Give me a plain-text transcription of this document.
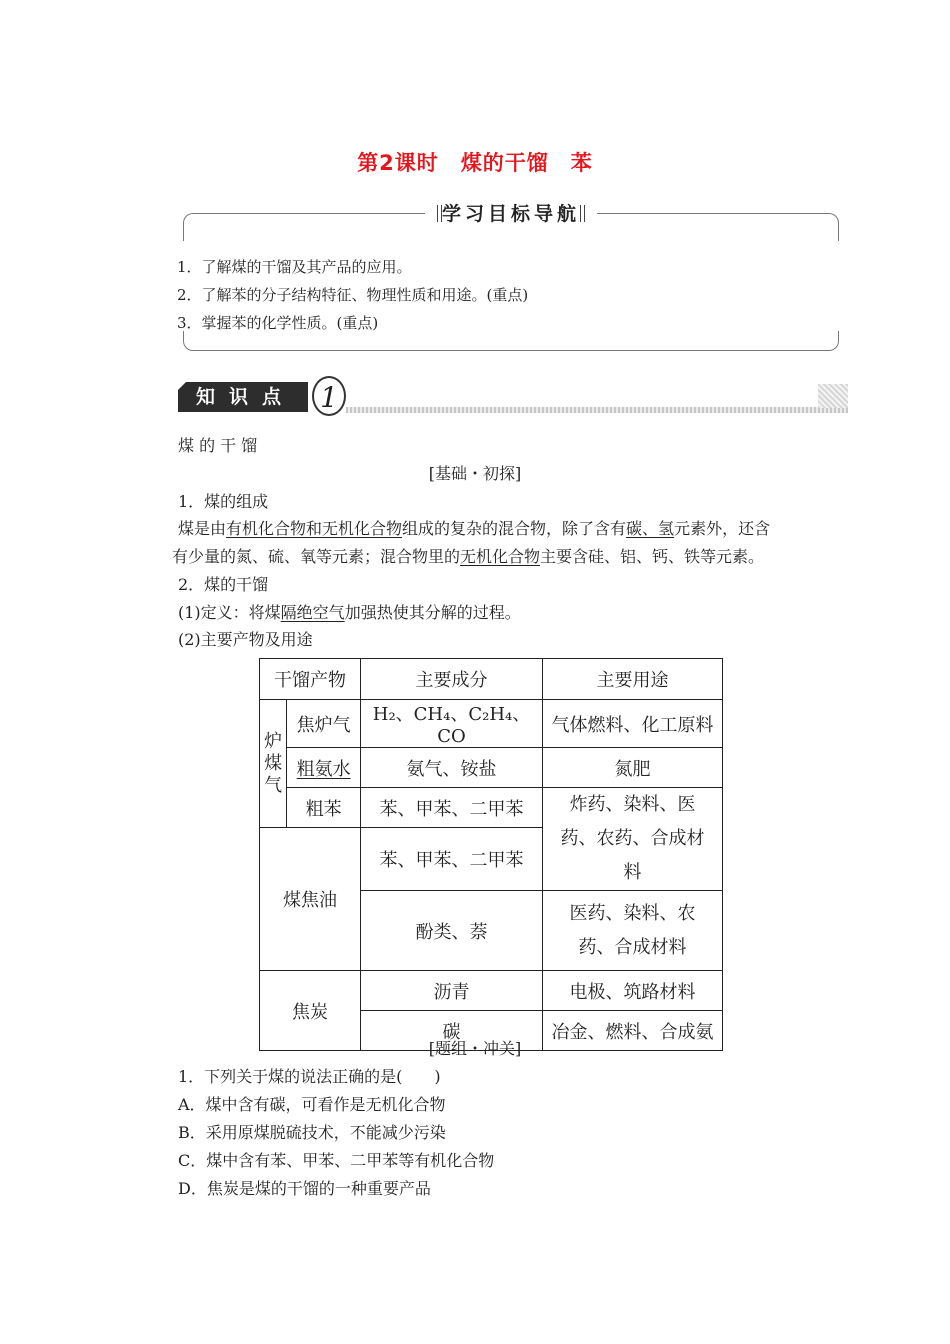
第2课时　煤的干馏　苯
学习目标导航
1．了解煤的干馏及其产品的应用。
2．了解苯的分子结构特征、物理性质和用途。(重点)
3．掌握苯的化学性质。(重点)
知识点 1
煤 的 干 馏
[基础・初探]
1．煤的组成
煤是由有机化合物和无机化合物组成的复杂的混合物，除了含有碳、氢元素外，还含
有少量的氮、硫、氧等元素；混合物里的无机化合物主要含硅、铝、钙、铁等元素。
2．煤的干馏
(1)定义：将煤隔绝空气加强热使其分解的过程。
(2)主要产物及用途
干馏产物		主要成分	主要用途

炉煤气	焦炉气	H₂、CH₄、C₂H₄、CO	气体燃料、化工原料
	粗氨水	氨气、铵盐	氮肥
	粗苯	苯、甲苯、二甲苯	炸药、染料、医药、农药、合成材料

煤焦油		苯、甲苯、二甲苯	
		酚类、萘	医药、染料、农药、合成材料

焦炭		沥青	电极、筑路材料
		碳	冶金、燃料、合成氨
[题组・冲关]
1．下列关于煤的说法正确的是(　　)
A．煤中含有碳，可看作是无机化合物
B．采用原煤脱硫技术，不能减少污染
C．煤中含有苯、甲苯、二甲苯等有机化合物
D．焦炭是煤的干馏的一种重要产品
